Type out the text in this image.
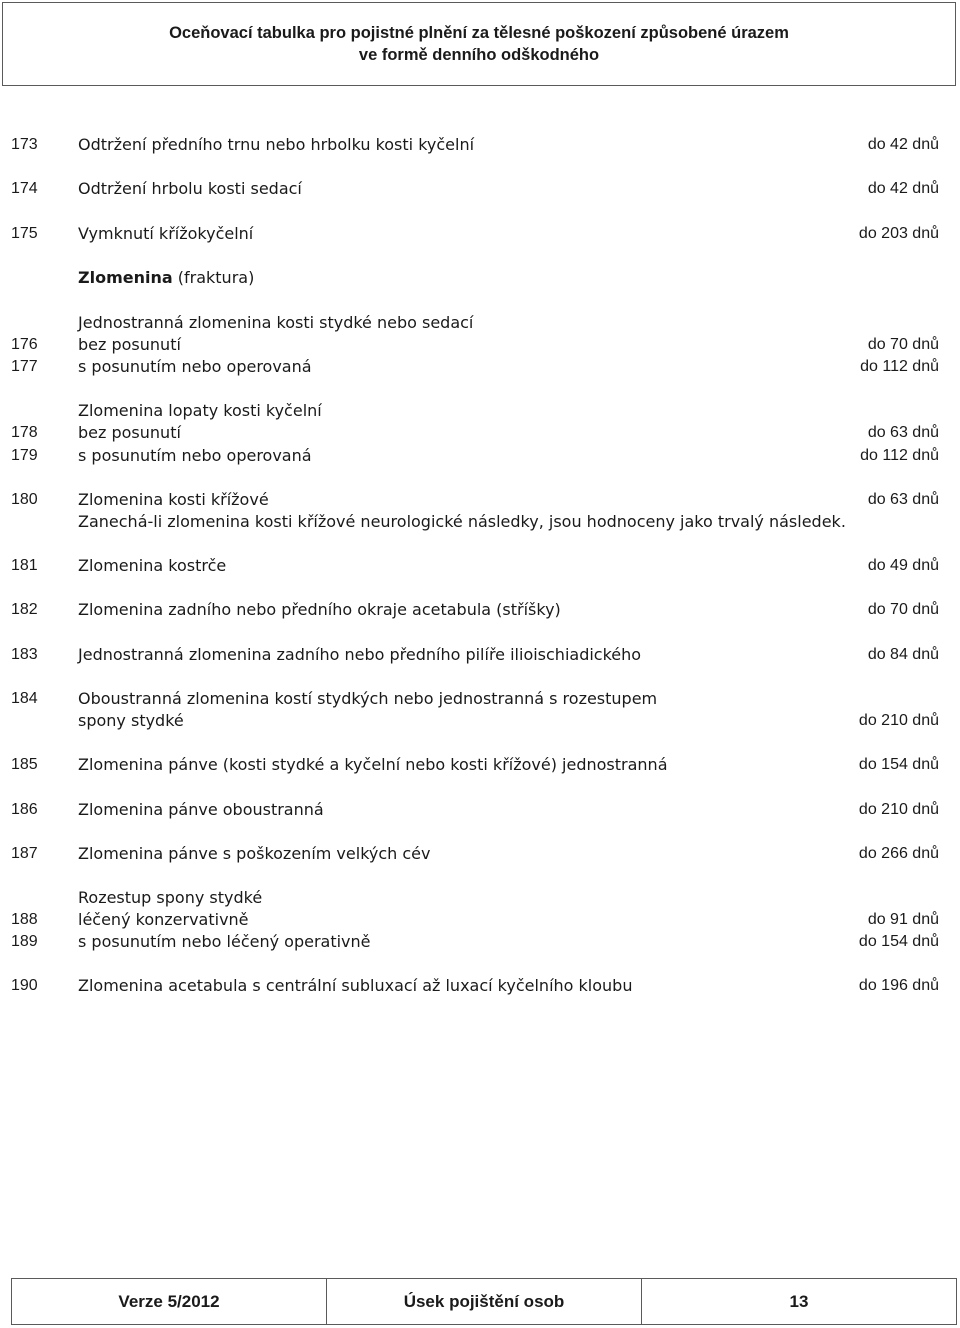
Oceňovací tabulka pro pojistné plnění za tělesné poškození způsobené úrazem
ve formě denního odškodného
173	Odtržení předního trnu nebo hrbolku kosti kyčelní	do 42 dnů
174	Odtržení hrbolu kosti sedací	do 42 dnů
175	Vymknutí křížokyčelní	do 203 dnů
Zlomenina (fraktura)
Jednostranná zlomenina kosti stydké nebo sedací
176	bez posunutí	do 70 dnů
177	s posunutím nebo operovaná	do 112 dnů
Zlomenina lopaty kosti kyčelní
178	bez posunutí	do 63 dnů
179	s posunutím nebo operovaná	do 112 dnů
180	Zlomenina kosti křížové	do 63 dnů
Zanechá-li zlomenina kosti křížové neurologické následky, jsou hodnoceny jako trvalý následek.
181	Zlomenina kostrče	do 49 dnů
182	Zlomenina zadního nebo předního okraje acetabula (stříšky)	do 70 dnů
183	Jednostranná zlomenina zadního nebo předního pilíře ilioischiadického	do 84 dnů
184	Oboustranná zlomenina kostí stydkých nebo jednostranná s rozestupem
spony stydké	do 210 dnů
185	Zlomenina pánve (kosti stydké a kyčelní nebo kosti křížové) jednostranná	do 154 dnů
186	Zlomenina pánve oboustranná	do 210 dnů
187	Zlomenina pánve s poškozením velkých cév	do 266 dnů
Rozestup spony stydké
188	léčený konzervativně	do 91 dnů
189	s posunutím nebo léčený operativně	do 154 dnů
190	Zlomenina acetabula s centrální subluxací až luxací kyčelního kloubu	do 196 dnů
Verze 5/2012	Úsek pojištění osob	13
